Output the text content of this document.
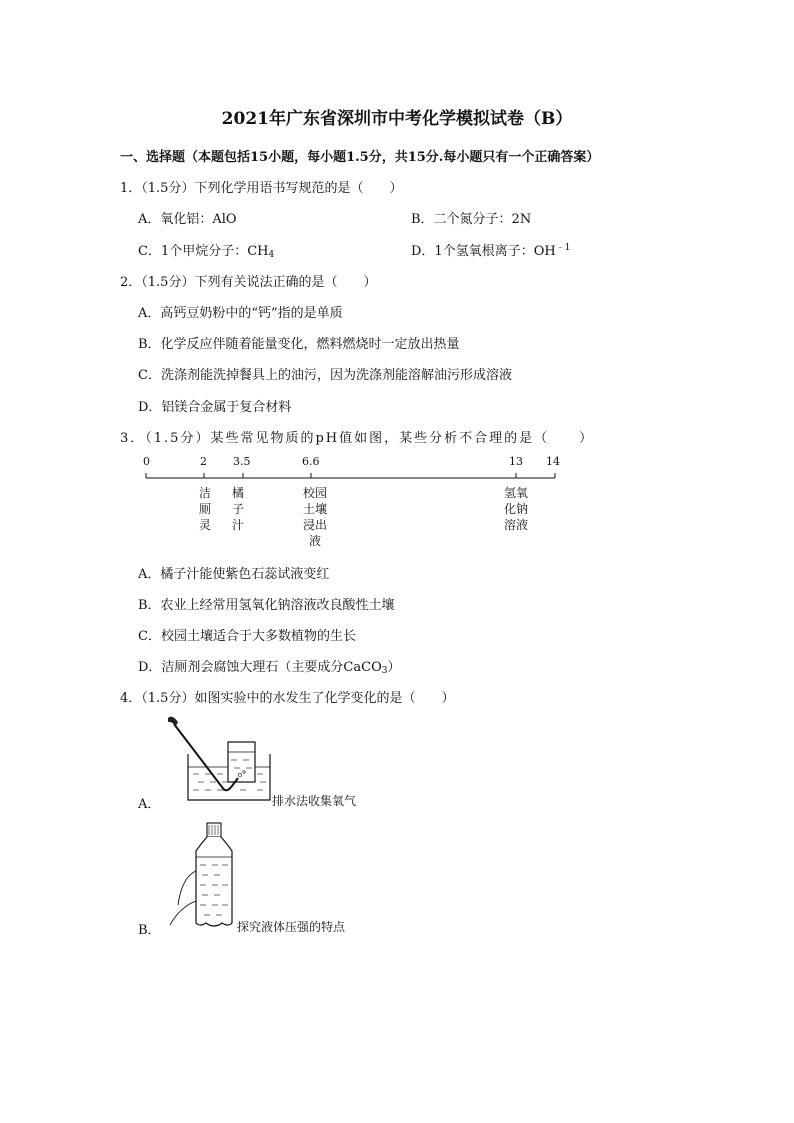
2021年广东省深圳市中考化学模拟试卷（B）
一、选择题（本题包括15小题，每小题1.5分，共15分.每小题只有一个正确答案）
1．（1.5分）下列化学用语书写规范的是（　　）
A．氧化铝：AlO	B．二个氮分子：2N
C．1个甲烷分子：$CH_4$	D．1个氢氧根离子：$OH^{﹣1}$
2．（1.5分）下列有关说法正确的是（　　）
A．高钙豆奶粉中的“钙”指的是单质
B．化学反应伴随着能量变化，燃料燃烧时一定放出热量
C．洗涤剂能洗掉餐具上的油污，因为洗涤剂能溶解油污形成溶液
D．铝镁合金属于复合材料
3．（1.5分）某些常见物质的pH值如图，某些分析不合理的是（　　）
0	2 3.5	6.6	13 14
洁厕灵
橘子汁
校园土壤浸出液
氢氧化钠溶液
A．橘子汁能使紫色石蕊试液变红
B．农业上经常用氢氧化钠溶液改良酸性土壤
C．校园土壤适合于大多数植物的生长
D．洁厕剂会腐蚀大理石（主要成分CaCO$_3$）
4．（1.5分）如图实验中的水发生了化学变化的是（　　）
A．	排水法收集氧气
B．	探究液体压强的特点
